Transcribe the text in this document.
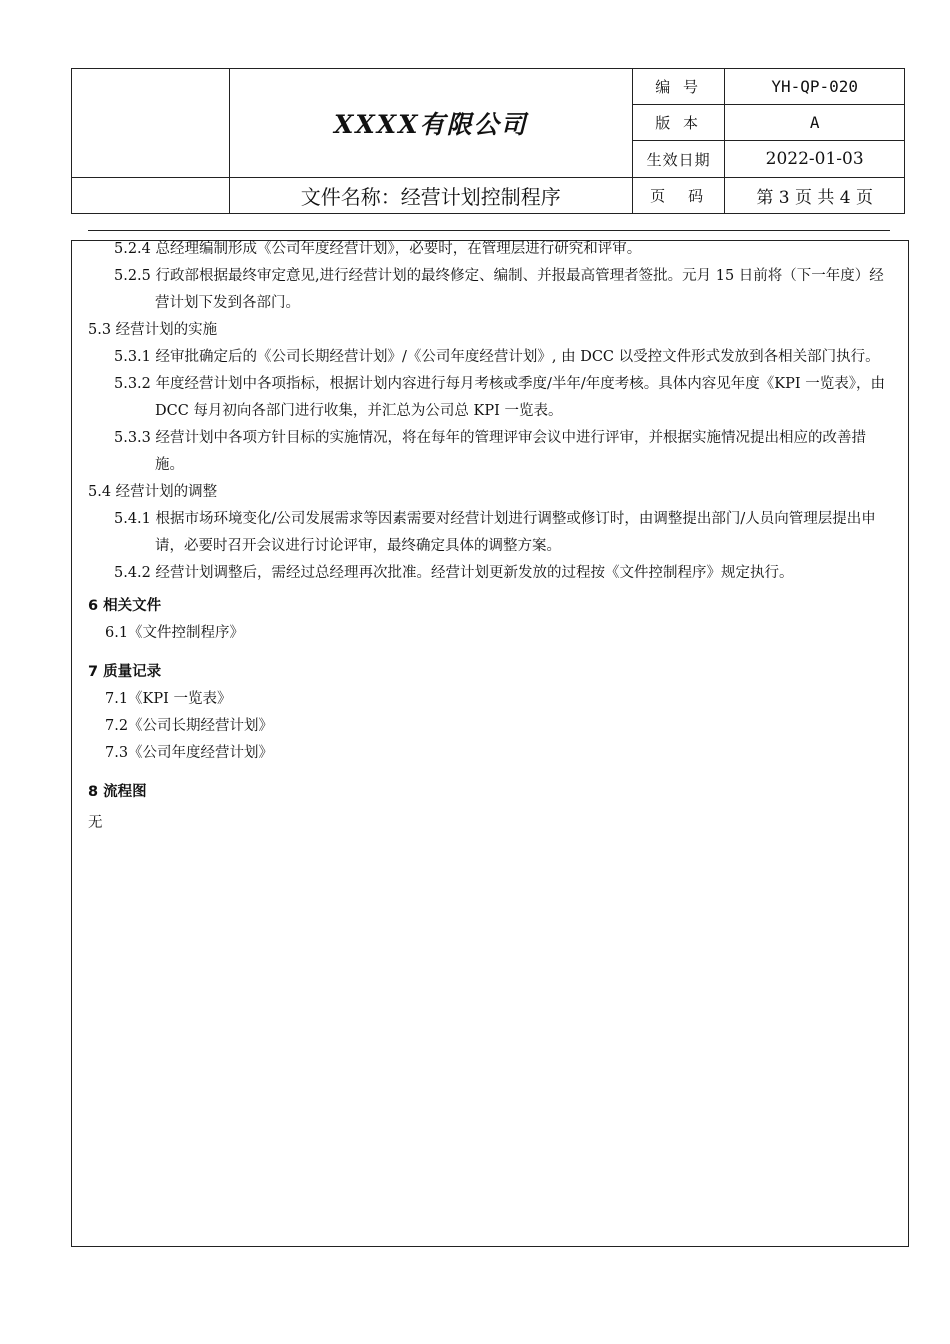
	XXXX有限公司	编 号	YH-QP-020
		版 本	A
		生效日期	2022-01-03
	文件名称：经营计划控制程序	页　码	第 3 页 共 4 页

5.2.4 总经理编制形成《公司年度经营计划》，必要时，在管理层进行研究和评审。

5.2.5 行政部根据最终审定意见,进行经营计划的最终修定、编制、并报最高管理者签批。元月 15 日前将（下一年度）经营计划下发到各部门。

5.3 经营计划的实施

5.3.1 经审批确定后的《公司长期经营计划》/《公司年度经营计划》, 由 DCC 以受控文件形式发放到各相关部门执行。

5.3.2 年度经营计划中各项指标，根据计划内容进行每月考核或季度/半年/年度考核。具体内容见年度《KPI 一览表》，由 DCC 每月初向各部门进行收集，并汇总为公司总 KPI 一览表。

5.3.3 经营计划中各项方针目标的实施情况，将在每年的管理评审会议中进行评审，并根据实施情况提出相应的改善措施。

5.4 经营计划的调整

5.4.1 根据市场环境变化/公司发展需求等因素需要对经营计划进行调整或修订时，由调整提出部门/人员向管理层提出申请，必要时召开会议进行讨论评审，最终确定具体的调整方案。

5.4.2 经营计划调整后，需经过总经理再次批准。经营计划更新发放的过程按《文件控制程序》规定执行。

6 相关文件

6.1《文件控制程序》

7 质量记录

7.1《KPI 一览表》

7.2《公司长期经营计划》

7.3《公司年度经营计划》

8 流程图

无
